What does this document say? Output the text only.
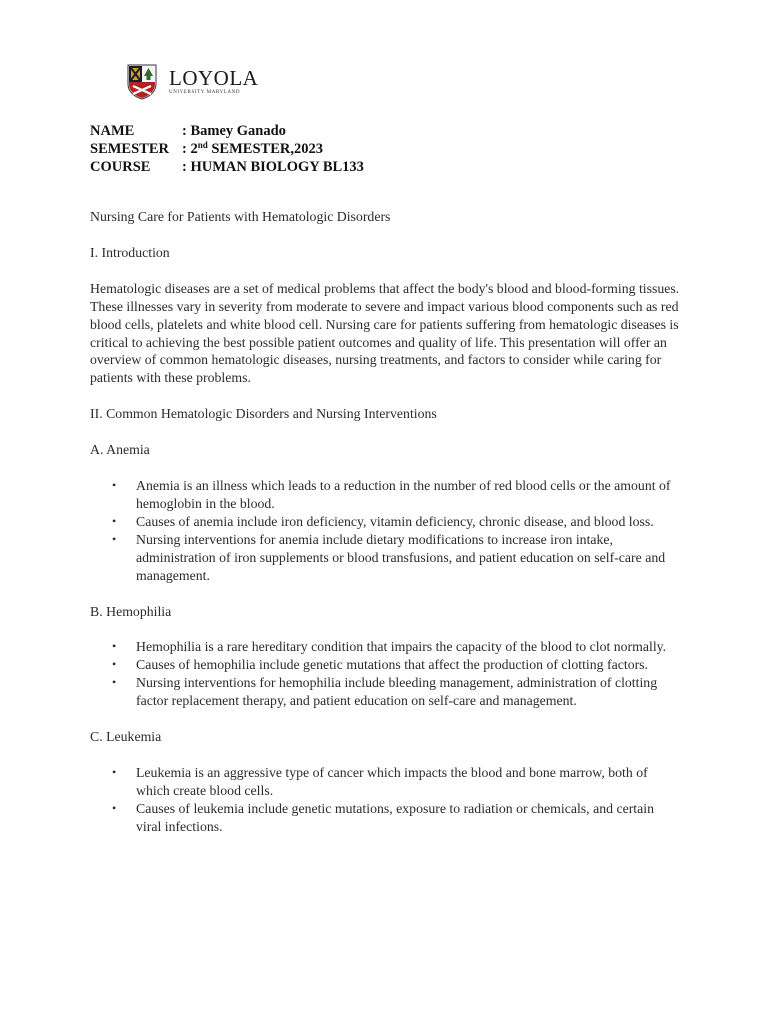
LOYOLA
UNIVERSITY MARYLAND
NAME	: Bamey Ganado
SEMESTER : 2nd SEMESTER,2023
COURSE : HUMAN BIOLOGY BL133
Nursing Care for Patients with Hematologic Disorders
I. Introduction
Hematologic diseases are a set of medical problems that affect the body's blood and blood-forming tissues. These illnesses vary in severity from moderate to severe and impact various blood components such as red blood cells, platelets and white blood cell. Nursing care for patients suffering from hematologic diseases is critical to achieving the best possible patient outcomes and quality of life. This presentation will offer an overview of common hematologic diseases, nursing treatments, and factors to consider while caring for patients with these problems.
II. Common Hematologic Disorders and Nursing Interventions
A. Anemia
• Anemia is an illness which leads to a reduction in the number of red blood cells or the amount of hemoglobin in the blood.
• Causes of anemia include iron deficiency, vitamin deficiency, chronic disease, and blood loss.
• Nursing interventions for anemia include dietary modifications to increase iron intake, administration of iron supplements or blood transfusions, and patient education on self-care and management.
B. Hemophilia
• Hemophilia is a rare hereditary condition that impairs the capacity of the blood to clot normally.
• Causes of hemophilia include genetic mutations that affect the production of clotting factors.
• Nursing interventions for hemophilia include bleeding management, administration of clotting factor replacement therapy, and patient education on self-care and management.
C. Leukemia
• Leukemia is an aggressive type of cancer which impacts the blood and bone marrow, both of which create blood cells.
• Causes of leukemia include genetic mutations, exposure to radiation or chemicals, and certain viral infections.
